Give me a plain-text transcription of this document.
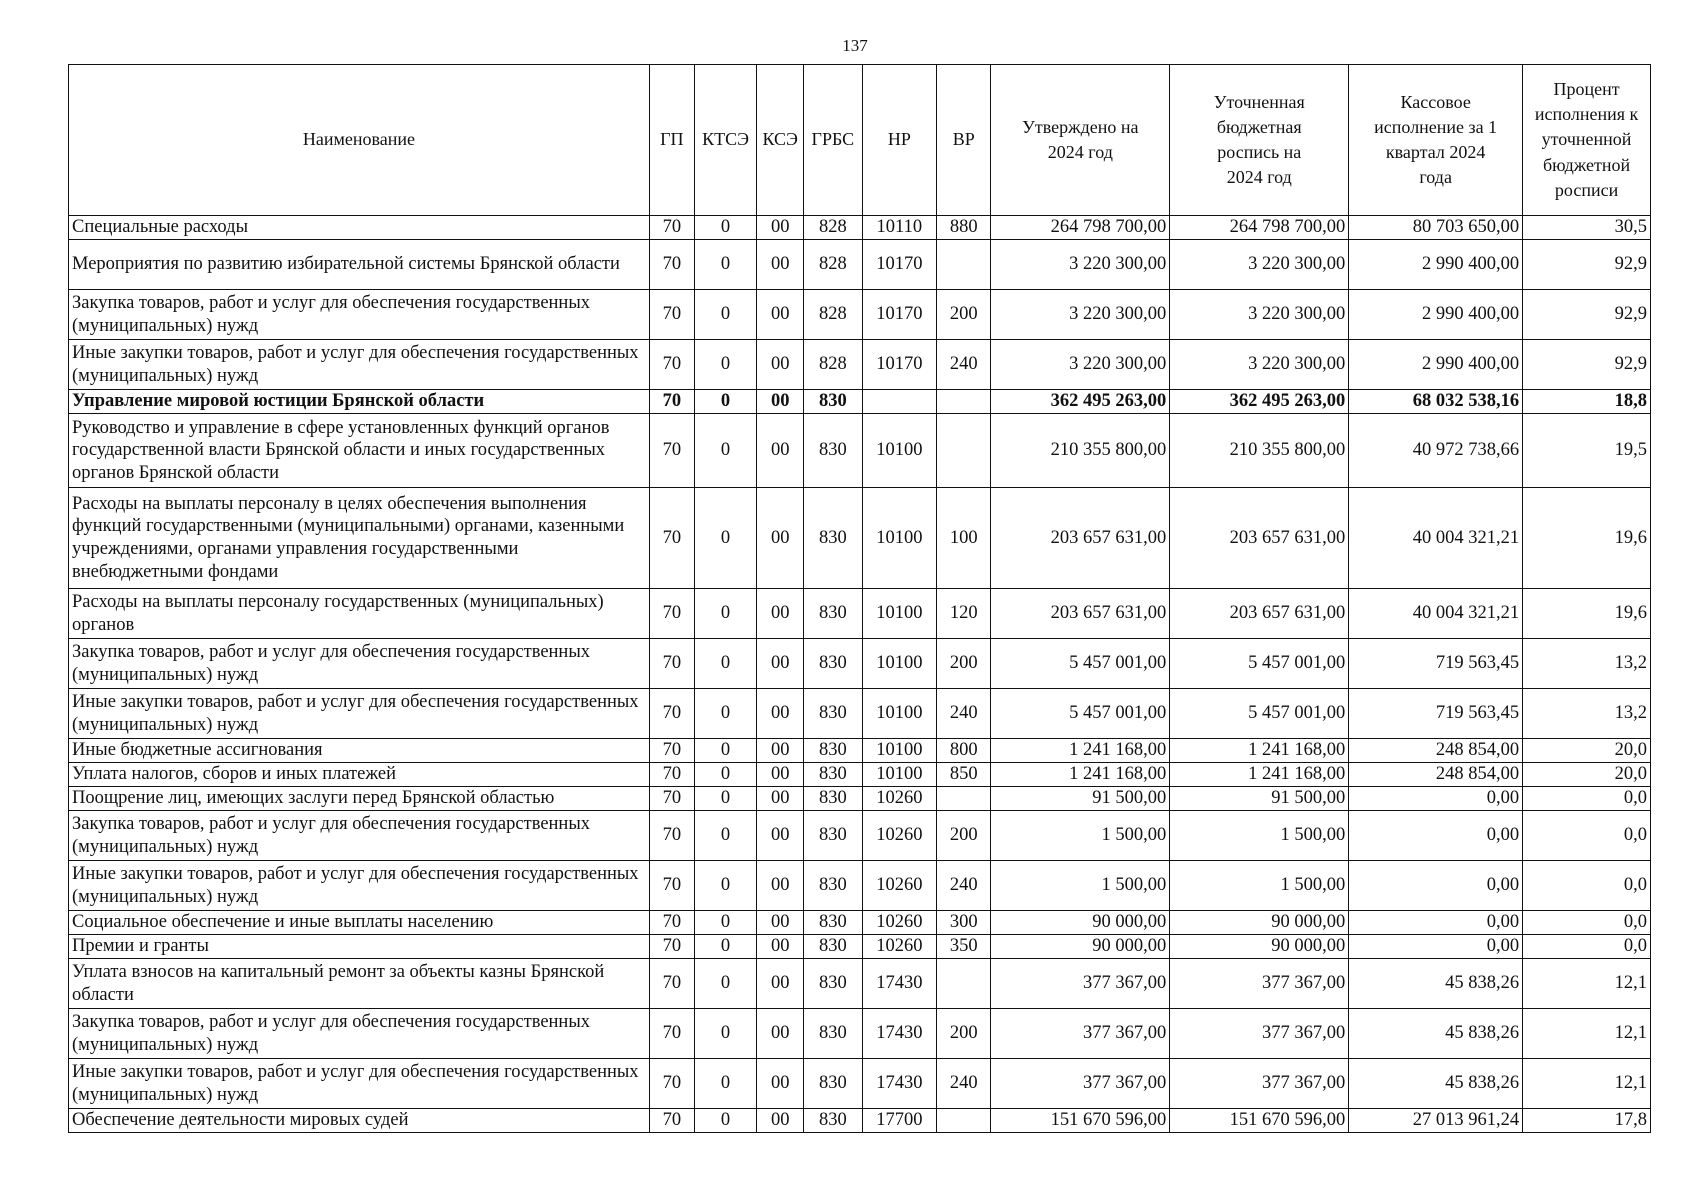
137
Наименование	ГП	КТСЭ	КСЭ	ГРБС	НР	ВР	Утверждено на 2024 год	Уточненная бюджетная роспись на 2024 год	Кассовое исполнение за 1 квартал 2024 года	Процент исполнения к уточненной бюджетной росписи
Специальные расходы	70	0	00	828	10110	880	264 798 700,00	264 798 700,00	80 703 650,00	30,5
Мероприятия по развитию избирательной системы Брянской области	70	0	00	828	10170		3 220 300,00	3 220 300,00	2 990 400,00	92,9
Закупка товаров, работ и услуг для обеспечения государственных (муниципальных) нужд	70	0	00	828	10170	200	3 220 300,00	3 220 300,00	2 990 400,00	92,9
Иные закупки товаров, работ и услуг для обеспечения государственных (муниципальных) нужд	70	0	00	828	10170	240	3 220 300,00	3 220 300,00	2 990 400,00	92,9
Управление мировой юстиции Брянской области	70	0	00	830			362 495 263,00	362 495 263,00	68 032 538,16	18,8
Руководство и управление в сфере установленных функций органов государственной власти Брянской области и иных государственных органов Брянской области	70	0	00	830	10100		210 355 800,00	210 355 800,00	40 972 738,66	19,5
Расходы на выплаты персоналу в целях обеспечения выполнения функций государственными (муниципальными) органами, казенными учреждениями, органами управления государственными внебюджетными фондами	70	0	00	830	10100	100	203 657 631,00	203 657 631,00	40 004 321,21	19,6
Расходы на выплаты персоналу государственных (муниципальных) органов	70	0	00	830	10100	120	203 657 631,00	203 657 631,00	40 004 321,21	19,6
Закупка товаров, работ и услуг для обеспечения государственных (муниципальных) нужд	70	0	00	830	10100	200	5 457 001,00	5 457 001,00	719 563,45	13,2
Иные закупки товаров, работ и услуг для обеспечения государственных (муниципальных) нужд	70	0	00	830	10100	240	5 457 001,00	5 457 001,00	719 563,45	13,2
Иные бюджетные ассигнования	70	0	00	830	10100	800	1 241 168,00	1 241 168,00	248 854,00	20,0
Уплата налогов, сборов и иных платежей	70	0	00	830	10100	850	1 241 168,00	1 241 168,00	248 854,00	20,0
Поощрение лиц, имеющих заслуги перед Брянской областью	70	0	00	830	10260		91 500,00	91 500,00	0,00	0,0
Закупка товаров, работ и услуг для обеспечения государственных (муниципальных) нужд	70	0	00	830	10260	200	1 500,00	1 500,00	0,00	0,0
Иные закупки товаров, работ и услуг для обеспечения государственных (муниципальных) нужд	70	0	00	830	10260	240	1 500,00	1 500,00	0,00	0,0
Социальное обеспечение и иные выплаты населению	70	0	00	830	10260	300	90 000,00	90 000,00	0,00	0,0
Премии и гранты	70	0	00	830	10260	350	90 000,00	90 000,00	0,00	0,0
Уплата взносов на капитальный ремонт за объекты казны Брянской области	70	0	00	830	17430		377 367,00	377 367,00	45 838,26	12,1
Закупка товаров, работ и услуг для обеспечения государственных (муниципальных) нужд	70	0	00	830	17430	200	377 367,00	377 367,00	45 838,26	12,1
Иные закупки товаров, работ и услуг для обеспечения государственных (муниципальных) нужд	70	0	00	830	17430	240	377 367,00	377 367,00	45 838,26	12,1
Обеспечение деятельности мировых судей	70	0	00	830	17700		151 670 596,00	151 670 596,00	27 013 961,24	17,8
